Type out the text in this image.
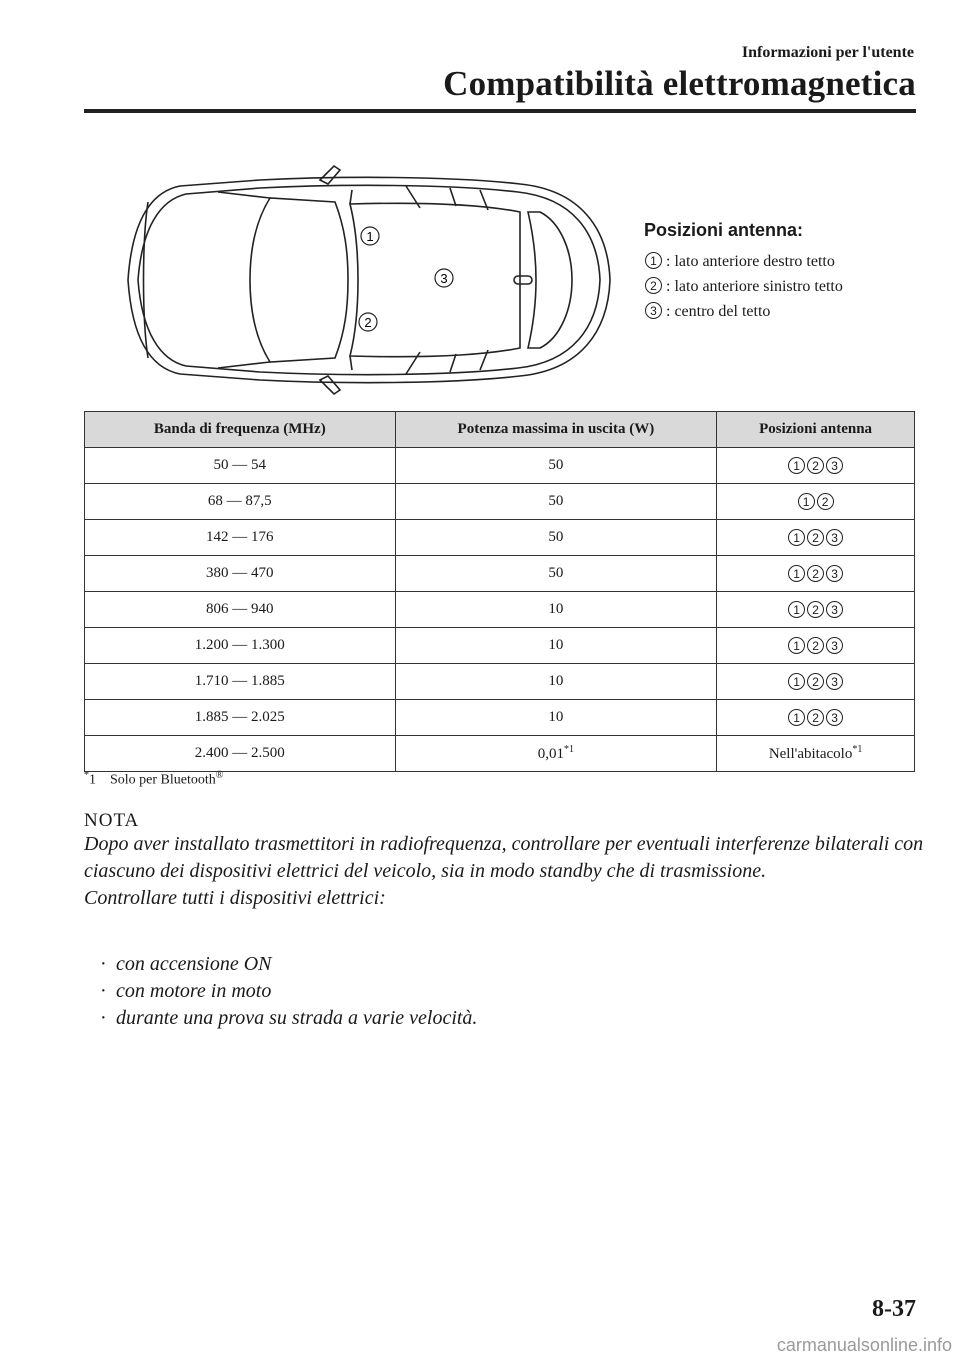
Informazioni per l'utente
Compatibilità elettromagnetica
1
2
3
Posizioni antenna:
1 : lato anteriore destro tetto
2 : lato anteriore sinistro tetto
3 : centro del tetto
Banda di frequenza (MHz)	Potenza massima in uscita (W)	Posizioni antenna
50 — 54	50	1 2 3
68 — 87,5	50	1 2
142 — 176	50	1 2 3
380 — 470	50	1 2 3
806 — 940	10	1 2 3
1.200 — 1.300	10	1 2 3
1.710 — 1.885	10	1 2 3
1.885 — 2.025	10	1 2 3
2.400 — 2.500	0,01$^{*1}$	Nell'abitacolo$^{*1}$
*1    Solo per Bluetooth®
NOTA

Dopo aver installato trasmettitori in radiofrequenza, controllare per eventuali interferenze bilaterali con ciascuno dei dispositivi elettrici del veicolo, sia in modo standby che di trasmissione.

Controllare tutti i dispositivi elettrici:

· con accensione ON
· con motore in moto
· durante una prova su strada a varie velocità.
8-37
carmanualsonline.info
